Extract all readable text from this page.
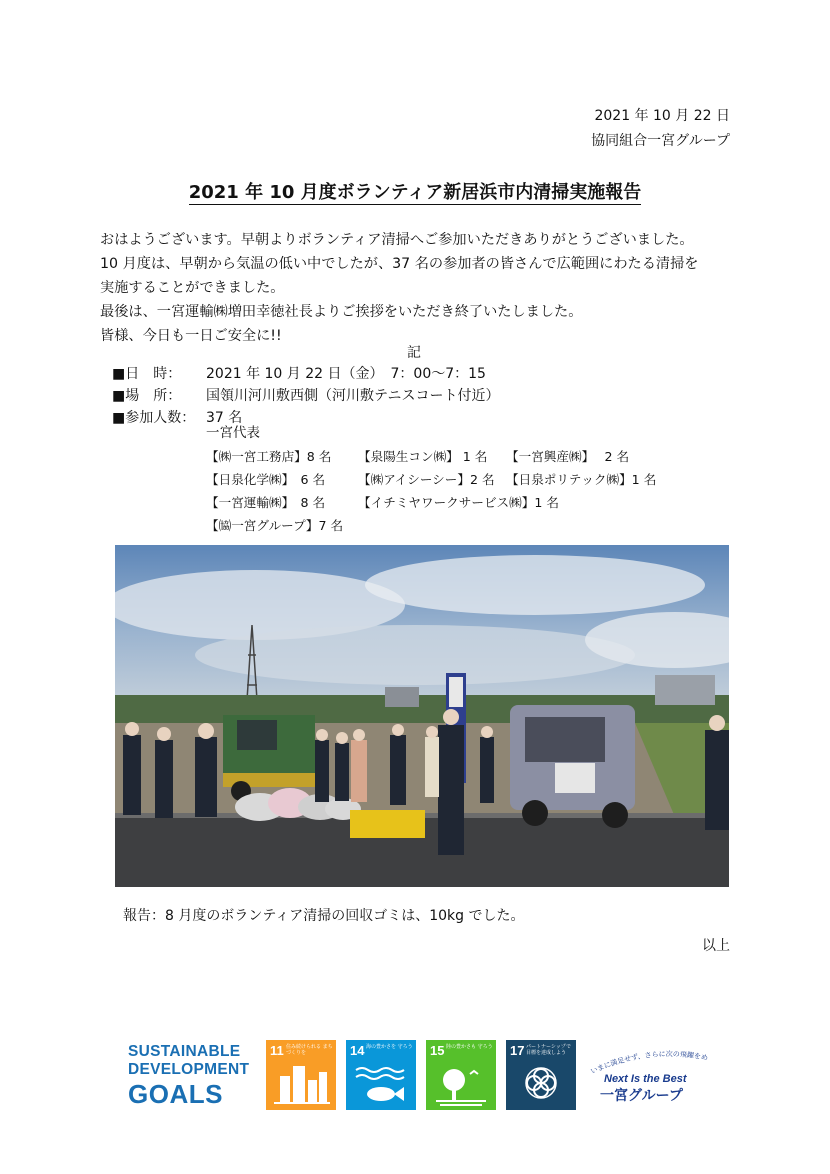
2021 年 10 月 22 日
協同組合一宮グループ
2021 年 10 月度ボランティア新居浜市内清掃実施報告
おはようございます。早朝よりボランティア清掃へご参加いただきありがとうございました。
10 月度は、早朝から気温の低い中でしたが、37 名の参加者の皆さんで広範囲にわたる清掃を
実施することができました。
最後は、一宮運輸㈱増田幸徳社長よりご挨拶をいただき終了いたしました。
皆様、今日も一日ご安全に!!
記
■日　時： 2021 年 10 月 22 日（金）　7：00〜7：15
■場　所： 国領川河川敷西側（河川敷テニスコート付近）
■参加人数： 37 名
一宮代表
【㈱一宮工務店】8 名 【泉陽生コン㈱】 1 名 【一宮興産㈱】　 2 名
【日泉化学㈱】　6 名	【㈱アイシーシー】2 名 【日泉ポリテック㈱】1 名
【一宮運輸㈱】　8 名	【イチミヤワークサービス㈱】1 名
【㈿一宮グループ】7 名
報告：8 月度のボランティア清掃の回収ゴミは、10kg でした。
以上
SUSTAINABLE
DEVELOPMENT
GOALS
11 住み続けられる まちづくりを	14 海の豊かさを 守ろう 15 陸の豊かさも 守ろう 17 パートナーシップで 目標を達成しよう
いまに満足せず、さらに次の飛躍をめ
Next Is the Best
一宮グループ
